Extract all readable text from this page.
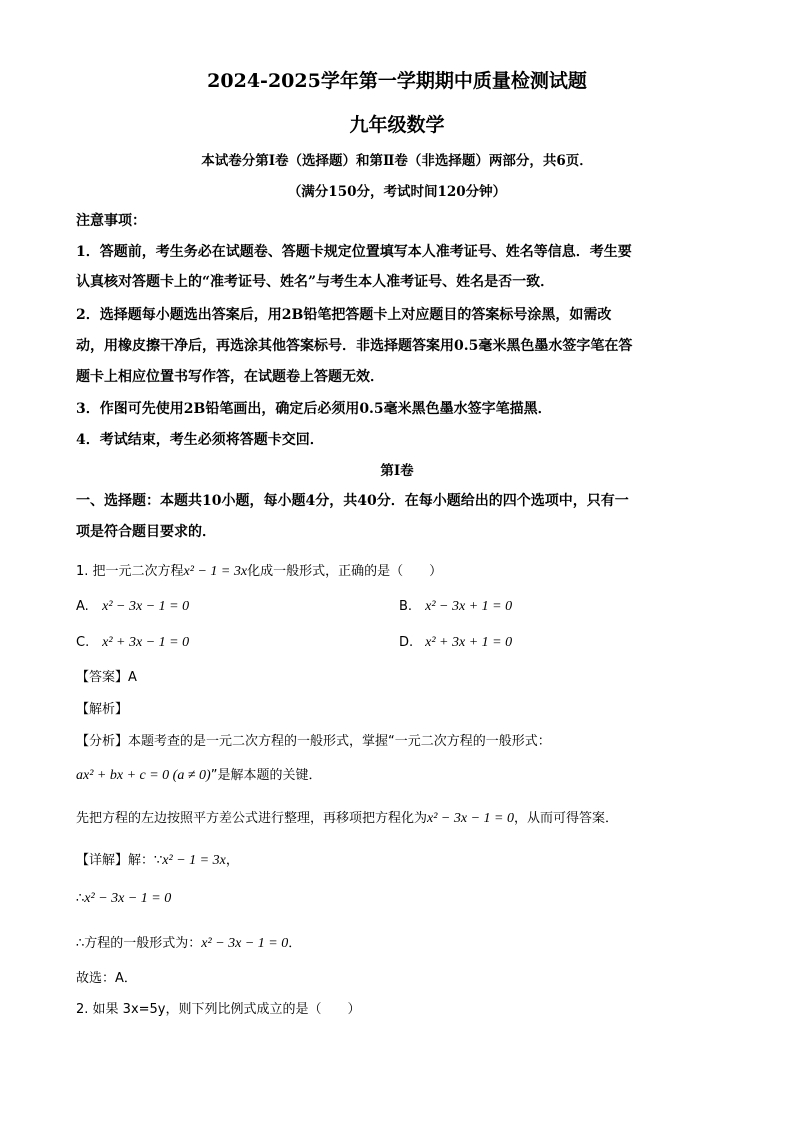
2024-2025学年第一学期期中质量检测试题
九年级数学
本试卷分第Ⅰ卷（选择题）和第Ⅱ卷（非选择题）两部分，共6页．
（满分150分，考试时间120分钟）
注意事项：
1．答题前，考生务必在试题卷、答题卡规定位置填写本人准考证号、姓名等信息．考生要
认真核对答题卡上的“准考证号、姓名”与考生本人准考证号、姓名是否一致．
2．选择题每小题选出答案后，用2B铅笔把答题卡上对应题目的答案标号涂黑，如需改
动，用橡皮擦干净后，再选涂其他答案标号．非选择题答案用0.5毫米黑色墨水签字笔在答
题卡上相应位置书写作答，在试题卷上答题无效．
3．作图可先使用2B铅笔画出，确定后必须用0.5毫米黑色墨水签字笔描黑．
4．考试结束，考生必须将答题卡交回．
第Ⅰ卷
一、选择题：本题共10小题，每小题4分，共40分．在每小题给出的四个选项中，只有一
项是符合题目要求的．
1. 把一元二次方程x² − 1 = 3x化成一般形式，正确的是（　　）
A. x² − 3x − 1 = 0	B. x² − 3x + 1 = 0
C. x² + 3x − 1 = 0	D. x² + 3x + 1 = 0
【答案】A
【解析】
【分析】本题考查的是一元二次方程的一般形式，掌握“一元二次方程的一般形式：
ax² + bx + c = 0 (a ≠ 0)”是解本题的关键．
先把方程的左边按照平方差公式进行整理，再移项把方程化为x² − 3x − 1 = 0，从而可得答案．
【详解】解：∵x² − 1 = 3x，
∴x² − 3x − 1 = 0
∴方程的一般形式为：x² − 3x − 1 = 0．
故选：A．
2. 如果 3x=5y，则下列比例式成立的是（　　）
